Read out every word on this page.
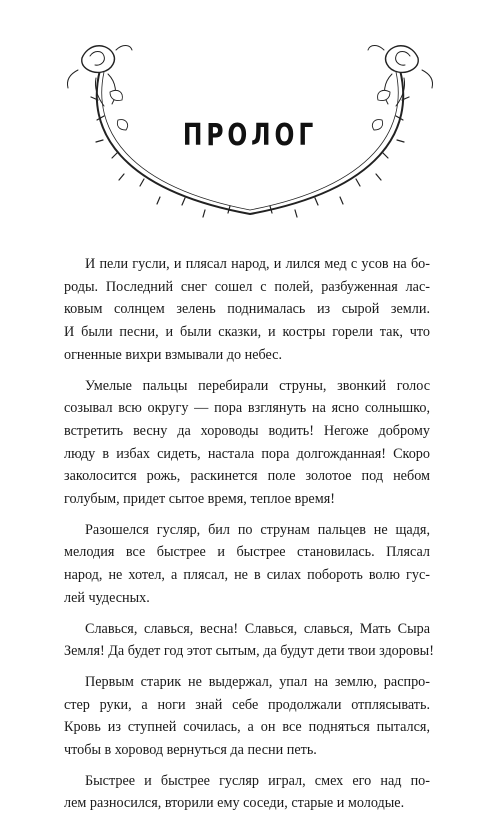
ПРОЛОГ

И пели гусли, и плясал народ, и лился мед с усов на бо-
роды. Последний снег сошел с полей, разбуженная лас-
ковым солнцем зелень поднималась из сырой земли.
И были песни, и были сказки, и костры горели так, что
огненные вихри взмывали до небес.

Умелые пальцы перебирали струны, звонкий голос
созывал всю округу — пора взглянуть на ясно солнышко,
встретить весну да хороводы водить! Негоже доброму
люду в избах сидеть, настала пора долгожданная! Скоро
заколосится рожь, раскинется поле золотое под небом
голубым, придет сытое время, теплое время!

Разошелся гусляр, бил по струнам пальцев не щадя,
мелодия все быстрее и быстрее становилась. Плясал
народ, не хотел, а плясал, не в силах побороть волю гус-
лей чудесных.

Славься, славься, весна! Славься, славься, Мать Сыра
Земля! Да будет год этот сытым, да будут дети твои здоровы!

Первым старик не выдержал, упал на землю, распро-
стер руки, а ноги знай себе продолжали отплясывать.
Кровь из ступней сочилась, а он все подняться пытался,
чтобы в хоровод вернуться да песни петь.

Быстрее и быстрее гусляр играл, смех его над по-
лем разносился, вторили ему соседи, старые и молодые.
